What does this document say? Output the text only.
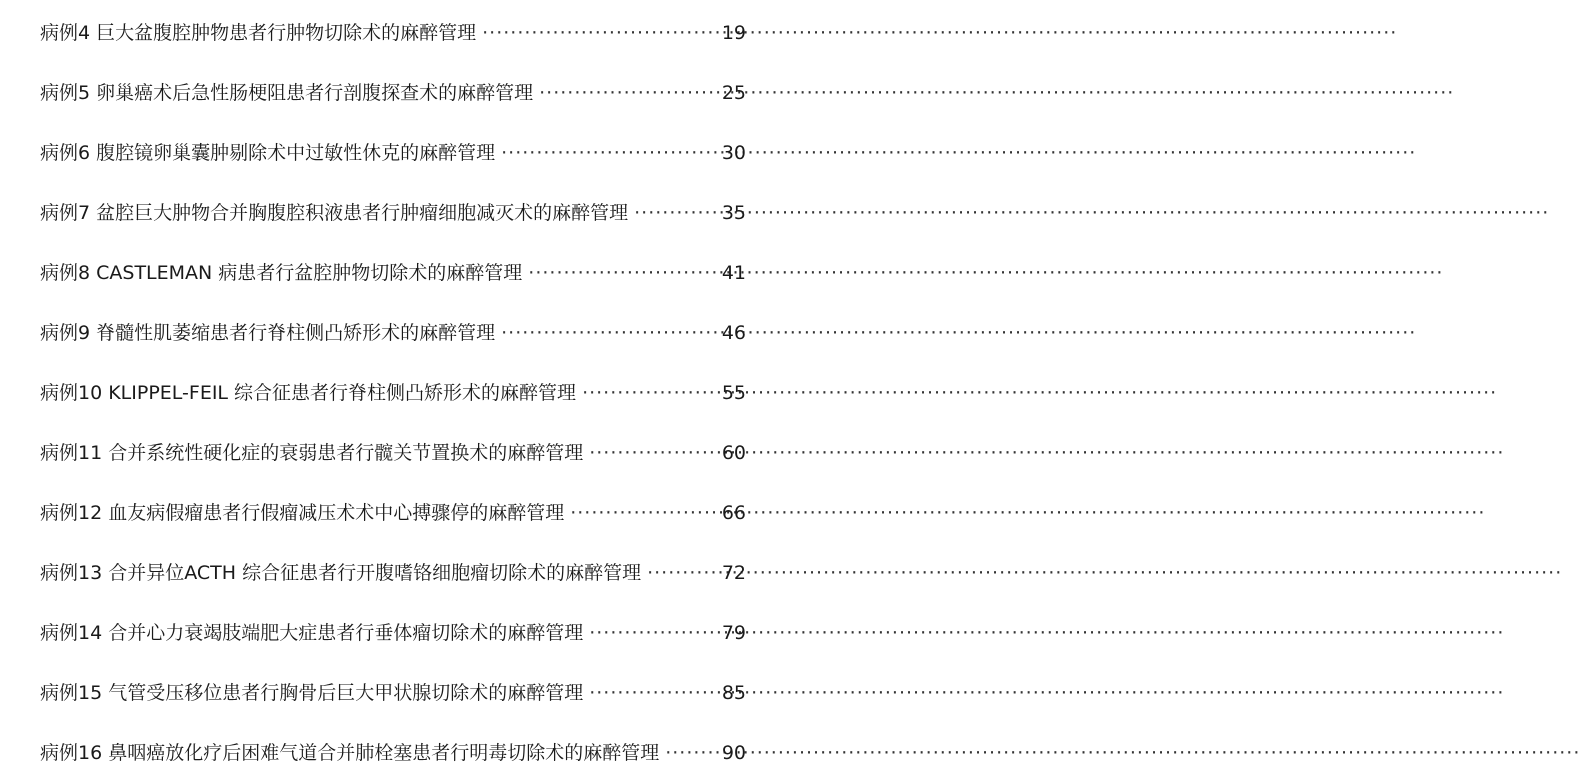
病例4 巨大盆腹腔肿物患者行肿物切除术的麻醉管理 ·····	19
病例5 卵巢癌术后急性肠梗阻患者行剖腹探查术的麻醉管理 ·····	25
病例6 腹腔镜卵巢囊肿剔除术中过敏性休克的麻醉管理 ·····	30
病例7 盆腔巨大肿物合并胸腹腔积液患者行肿瘤细胞减灭术的麻醉管理 ·····	35
病例8 CASTLEMAN 病患者行盆腔肿物切除术的麻醉管理 ·····	41
病例9 脊髓性肌萎缩患者行脊柱侧凸矫形术的麻醉管理 ·····	46
病例10 KLIPPEL-FEIL 综合征患者行脊柱侧凸矫形术的麻醉管理 ·····	55
病例11 合并系统性硬化症的衰弱患者行髋关节置换术的麻醉管理 ·····	60
病例12 血友病假瘤患者行假瘤减压术术中心搏骤停的麻醉管理 ·····	66
病例13 合并异位ACTH 综合征患者行开腹嗜铬细胞瘤切除术的麻醉管理 ·····	72
病例14 合并心力衰竭肢端肥大症患者行垂体瘤切除术的麻醉管理 ·····	79
病例15 气管受压移位患者行胸骨后巨大甲状腺切除术的麻醉管理 ·····	85
病例16 鼻咽癌放化疗后困难气道合并肺栓塞患者行明毒切除术的麻醉管理 ·····	90
